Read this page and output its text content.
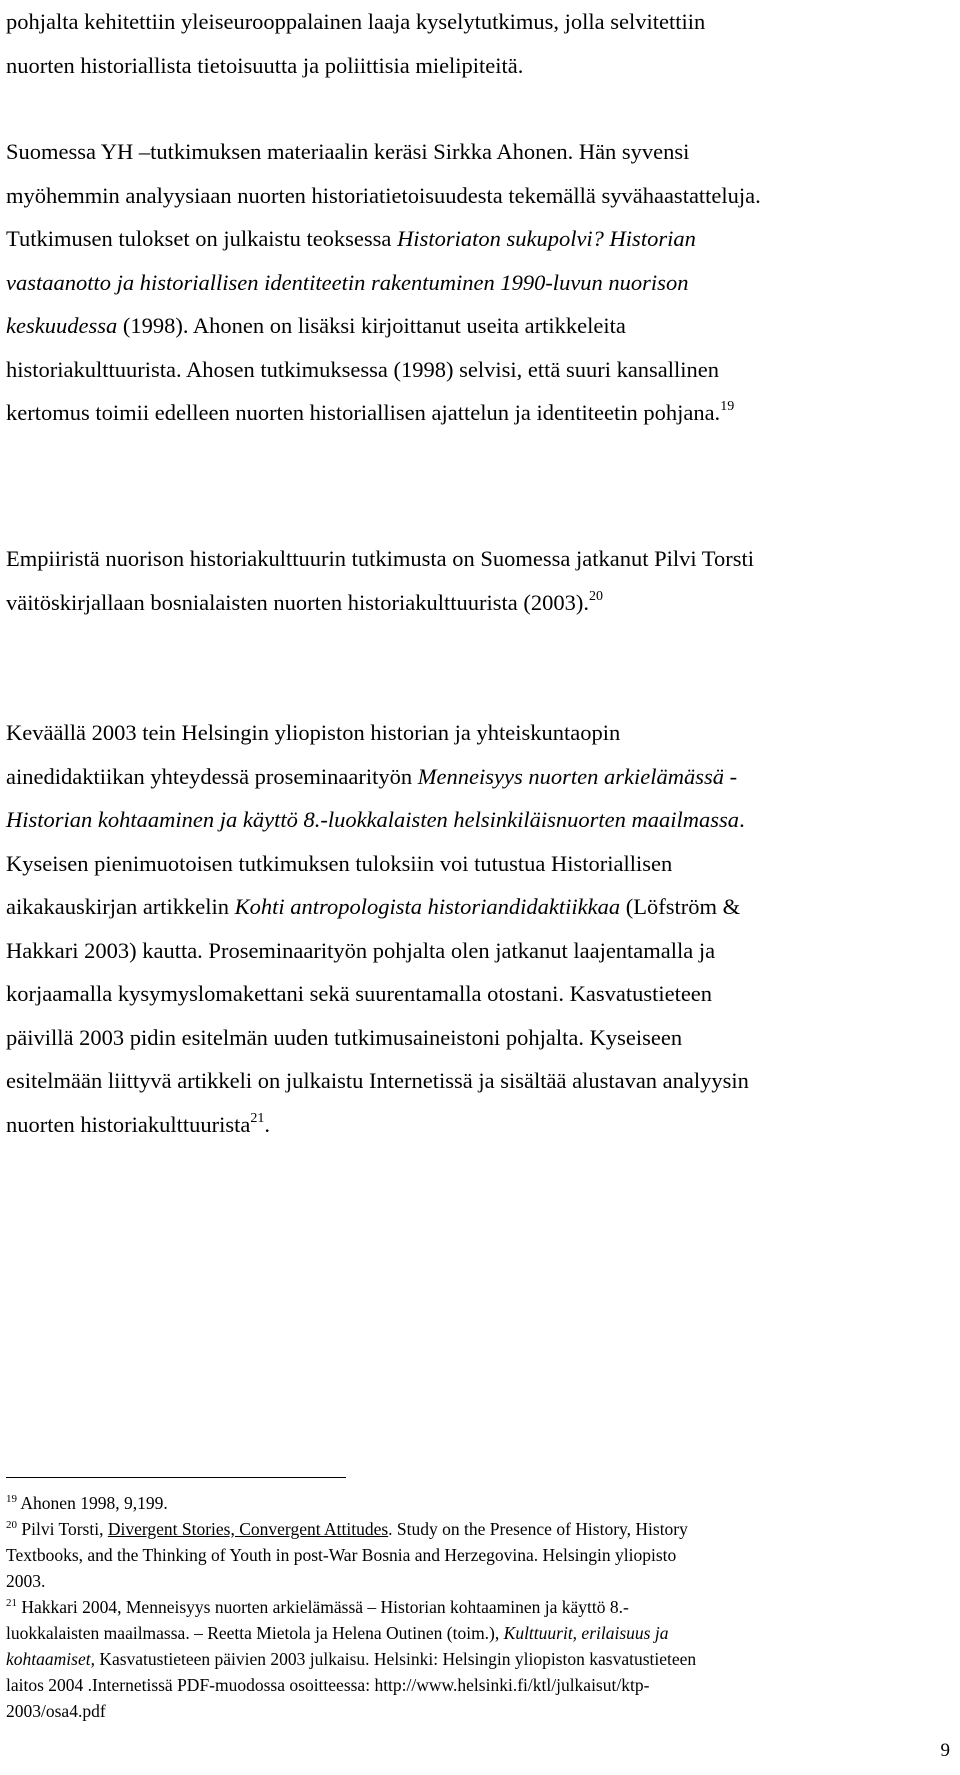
pohjalta kehitettiin yleiseurooppalainen laaja kyselytutkimus, jolla selvitettiin
nuorten historiallista tietoisuutta ja poliittisia mielipiteitä.
Suomessa YH –tutkimuksen materiaalin keräsi Sirkka Ahonen. Hän syvensi
myöhemmin analyysiaan nuorten historiatietoisuudesta tekemällä syvähaastatteluja.
Tutkimusen tulokset on julkaistu teoksessa Historiaton sukupolvi? Historian
vastaanotto ja historiallisen identiteetin rakentuminen 1990-luvun nuorison
keskuudessa (1998). Ahonen on lisäksi kirjoittanut useita artikkeleita
historiakulttuurista. Ahosen tutkimuksessa (1998) selvisi, että suuri kansallinen
kertomus toimii edelleen nuorten historiallisen ajattelun ja identiteetin pohjana.$^{19}$
Empiiristä nuorison historiakulttuurin tutkimusta on Suomessa jatkanut Pilvi Torsti
väitöskirjallaan bosnialaisten nuorten historiakulttuurista (2003).$^{20}$
Keväällä 2003 tein Helsingin yliopiston historian ja yhteiskuntaopin
ainedidaktiikan yhteydessä proseminaarityön Menneisyys nuorten arkielämässä -
Historian kohtaaminen ja käyttö 8.-luokkalaisten helsinkiläisnuorten maailmassa.
Kyseisen pienimuotoisen tutkimuksen tuloksiin voi tutustua Historiallisen
aikakauskirjan artikkelin Kohti antropologista historiandidaktiikkaa (Löfström &
Hakkari 2003) kautta. Proseminaarityön pohjalta olen jatkanut laajentamalla ja
korjaamalla kysymyslomakettani sekä suurentamalla otostani. Kasvatustieteen
päivillä 2003 pidin esitelmän uuden tutkimusaineistoni pohjalta. Kyseiseen
esitelmään liittyvä artikkeli on julkaistu Internetissä ja sisältää alustavan analyysin
nuorten historiakulttuurista$^{21}$.
$^{19}$ Ahonen 1998, 9,199.
$^{20}$ Pilvi Torsti, Divergent Stories, Convergent Attitudes. Study on the Presence of History, History
Textbooks, and the Thinking of Youth in post-War Bosnia and Herzegovina. Helsingin yliopisto
2003.
$^{21}$ Hakkari 2004, Menneisyys nuorten arkielämässä – Historian kohtaaminen ja käyttö 8.-
luokkalaisten maailmassa. – Reetta Mietola ja Helena Outinen (toim.), Kulttuurit, erilaisuus ja
kohtaamiset, Kasvatustieteen päivien 2003 julkaisu. Helsinki: Helsingin yliopiston kasvatustieteen
laitos 2004 .Internetissä PDF-muodossa osoitteessa: http://www.helsinki.fi/ktl/julkaisut/ktp-
2003/osa4.pdf
9
